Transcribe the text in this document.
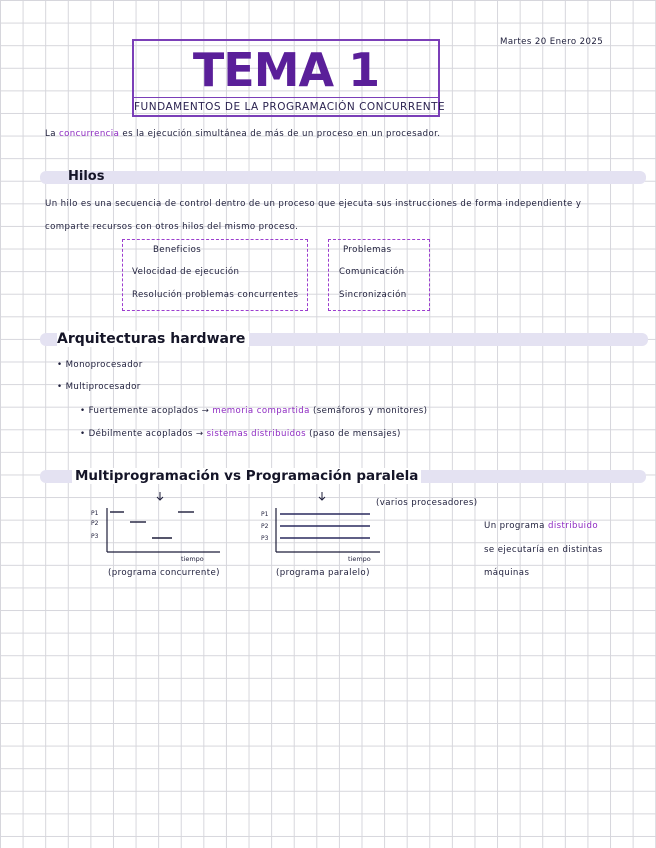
Martes 20 Enero 2025
TEMA 1
FUNDAMENTOS DE LA PROGRAMACIÓN CONCURRENTE
La concurrencia es la ejecución simultánea de más de un proceso en un procesador.
Hilos
Un hilo es una secuencia de control dentro de un proceso que ejecuta sus instrucciones de forma independiente y
comparte recursos con otros hilos del mismo proceso.
Beneficios
Velocidad de ejecución
Resolución problemas concurrentes
Problemas
Comunicación
Sincronización
Arquitecturas hardware
• Monoprocesador
• Multiprocesador
• Fuertemente acoplados → memoria compartida (semáforos y monitores)
• Débilmente acoplados → sistemas distribuidos (paso de mensajes)
Multiprogramación vs Programación paralela
P1
P2
P3
tiempo
(programa concurrente)
P1
P2
P3
tiempo
(programa paralelo)
(varios procesadores)
Un programa distribuido
se ejecutaría en distintas
máquinas
